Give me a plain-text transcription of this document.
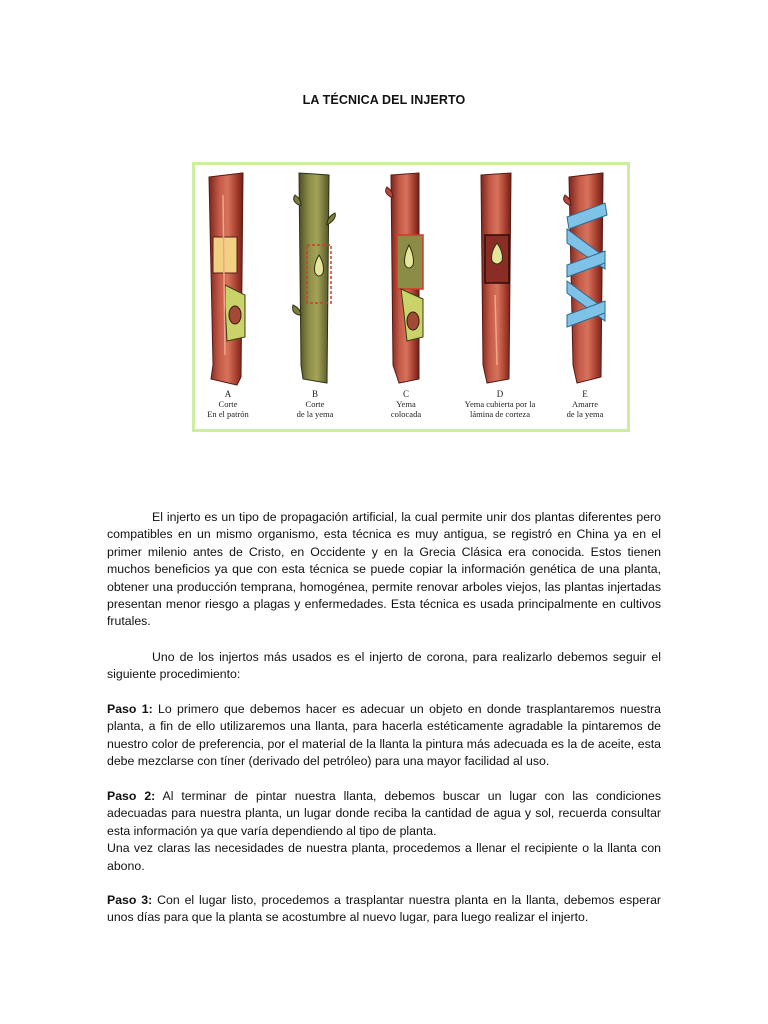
LA TÉCNICA DEL INJERTO
A
Corte
En el patrón
B
Corte
de la yema
C
Yema
colocada
D
Yema cubierta por la
lámina de corteza
E
Amarre
de la yema

El injerto es un tipo de propagación artificial, la cual permite unir dos plantas diferentes pero compatibles en un mismo organismo, esta técnica es muy antigua, se registró en China ya en el primer milenio antes de Cristo, en Occidente y en la Grecia Clásica era conocida. Estos tienen muchos beneficios ya que con esta técnica se puede copiar la información genética de una planta, obtener una producción temprana, homogénea, permite renovar arboles viejos, las plantas injertadas presentan menor riesgo a plagas y enfermedades. Esta técnica es usada principalmente en cultivos frutales.

Uno de los injertos más usados es el injerto de corona, para realizarlo debemos seguir el siguiente procedimiento:

Paso 1: Lo primero que debemos hacer es adecuar un objeto en donde trasplantaremos nuestra planta, a fin de ello utilizaremos una llanta, para hacerla estéticamente agradable la pintaremos de nuestro color de preferencia, por el material de la llanta la pintura más adecuada es la de aceite, esta debe mezclarse con tíner (derivado del petróleo) para una mayor facilidad al uso.

Paso 2: Al terminar de pintar nuestra llanta, debemos buscar un lugar con las condiciones adecuadas para nuestra planta, un lugar donde reciba la cantidad de agua y sol, recuerda consultar esta información ya que varía dependiendo al tipo de planta.
Una vez claras las necesidades de nuestra planta, procedemos a llenar el recipiente o la llanta con abono.

Paso 3: Con el lugar listo, procedemos a trasplantar nuestra planta en la llanta, debemos esperar unos días para que la planta se acostumbre al nuevo lugar, para luego realizar el injerto.
